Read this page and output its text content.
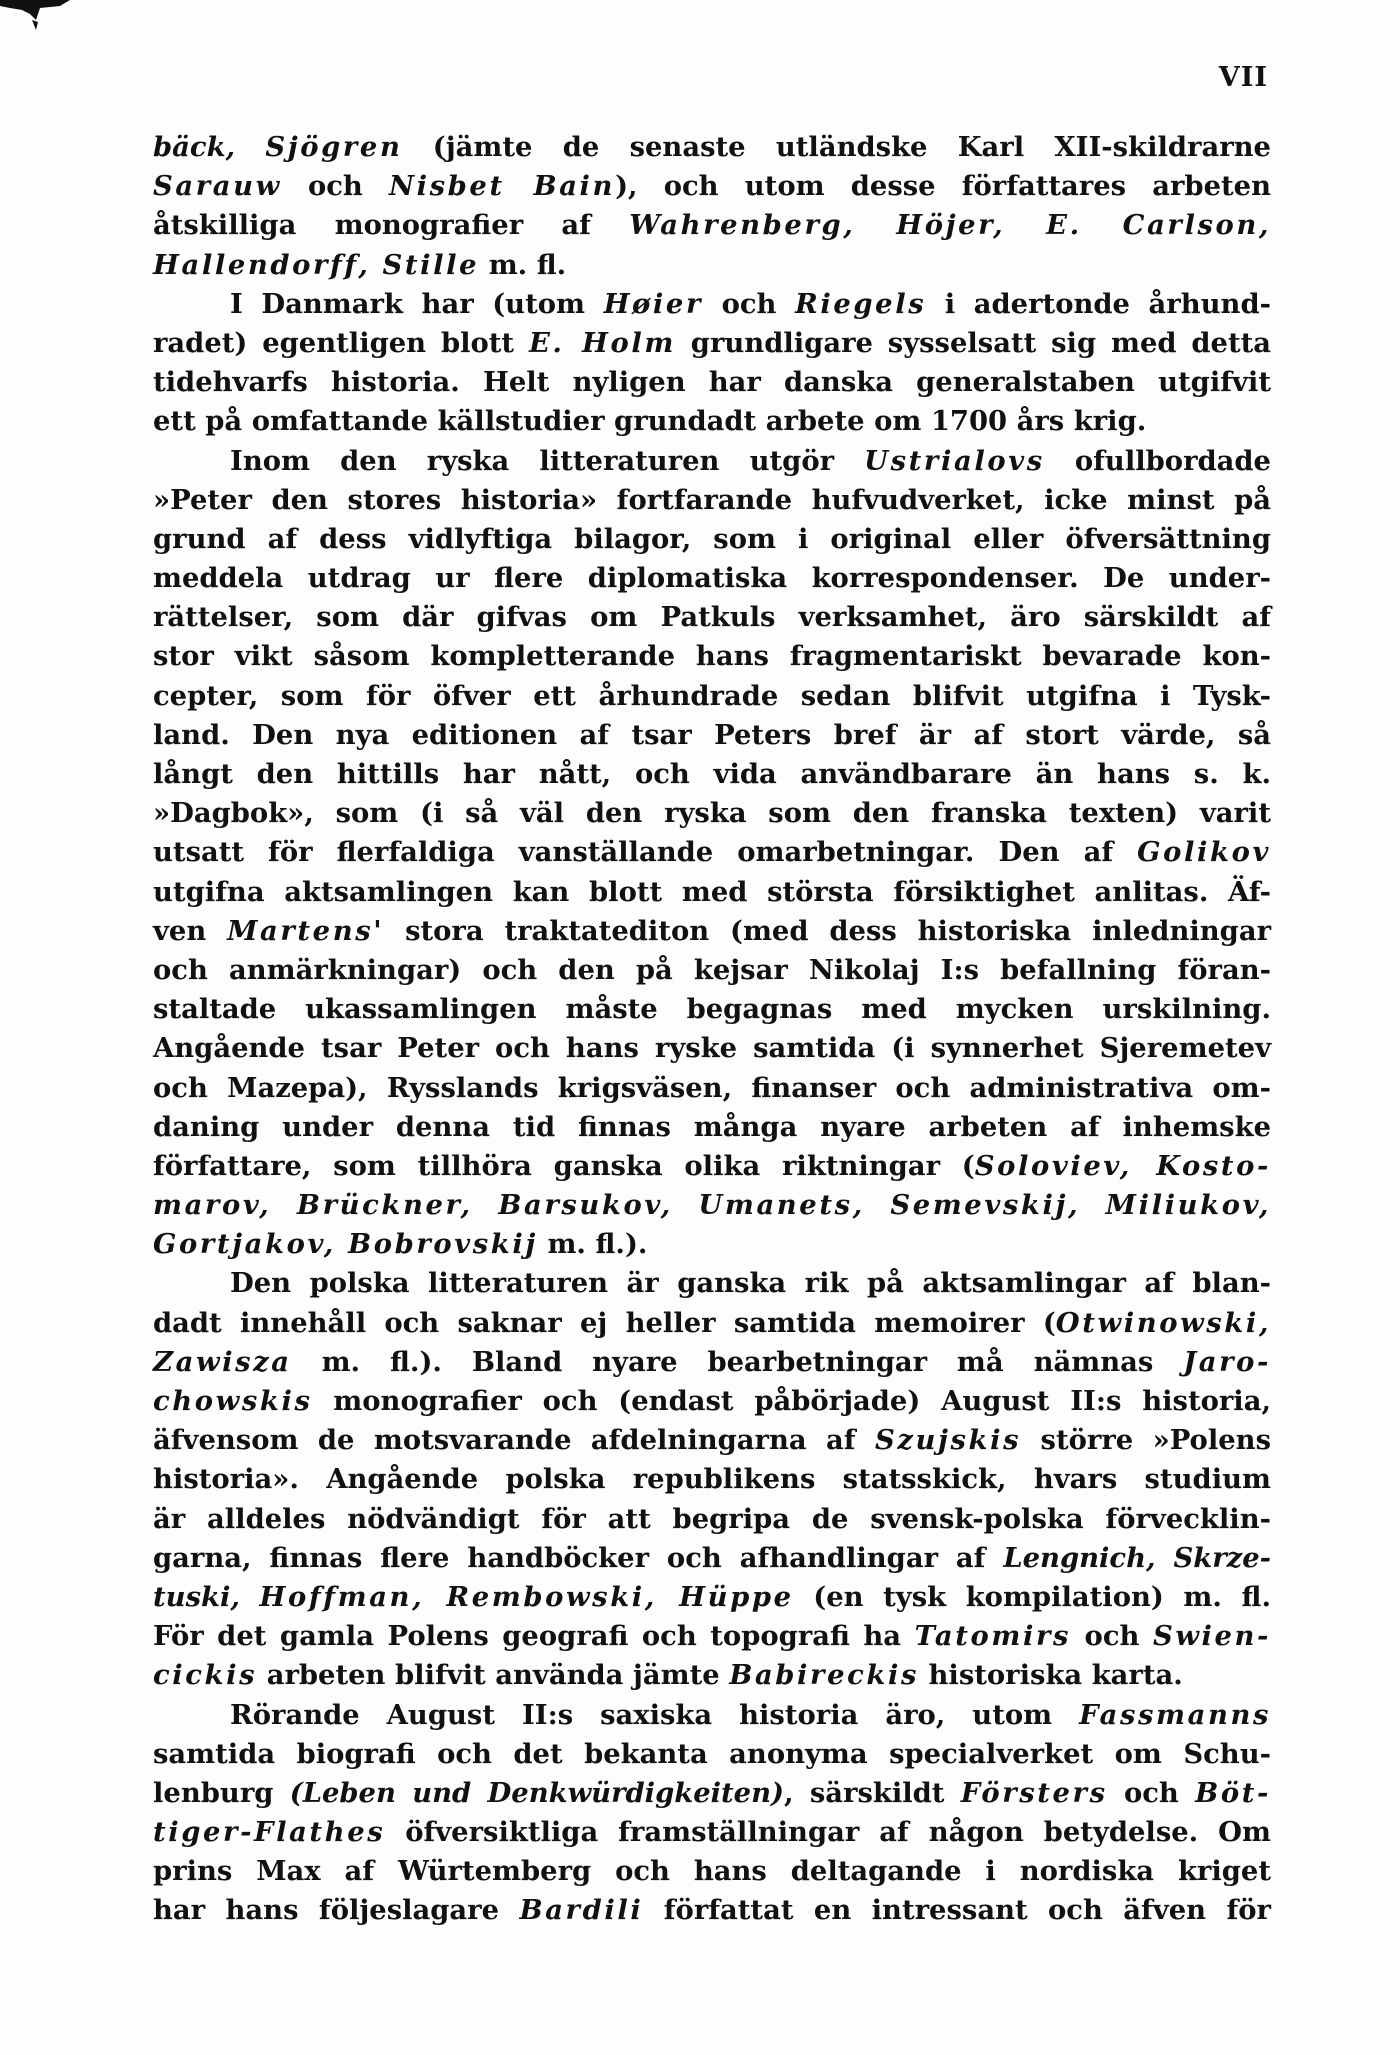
VII
bäck, Sjögren (jämte de senaste utländske Karl XII-skildrarne
Sarauw och Nisbet Bain), och utom desse författares arbeten
åtskilliga monografier af Wahrenberg, Höjer, E. Carlson,
Hallendorff, Stille m. fl.
I Danmark har (utom Høier och Riegels i adertonde århund-
radet) egentligen blott E. Holm grundligare sysselsatt sig med detta
tidehvarfs historia. Helt nyligen har danska generalstaben utgifvit
ett på omfattande källstudier grundadt arbete om 1700 års krig.
Inom den ryska litteraturen utgör Ustrialovs ofullbordade
»Peter den stores historia» fortfarande hufvudverket, icke minst på
grund af dess vidlyftiga bilagor, som i original eller öfversättning
meddela utdrag ur flere diplomatiska korrespondenser. De under-
rättelser, som där gifvas om Patkuls verksamhet, äro särskildt af
stor vikt såsom kompletterande hans fragmentariskt bevarade kon-
cepter, som för öfver ett århundrade sedan blifvit utgifna i Tysk-
land. Den nya editionen af tsar Peters bref är af stort värde, så
långt den hittills har nått, och vida användbarare än hans s. k.
»Dagbok», som (i så väl den ryska som den franska texten) varit
utsatt för flerfaldiga vanställande omarbetningar. Den af Golikov
utgifna aktsamlingen kan blott med största försiktighet anlitas. Äf-
ven Martens' stora traktatediton (med dess historiska inledningar
och anmärkningar) och den på kejsar Nikolaj I:s befallning föran-
staltade ukassamlingen måste begagnas med mycken urskilning.
Angående tsar Peter och hans ryske samtida (i synnerhet Sjeremetev
och Mazepa), Rysslands krigsväsen, finanser och administrativa om-
daning under denna tid finnas många nyare arbeten af inhemske
författare, som tillhöra ganska olika riktningar (Soloviev, Kosto-
marov, Brückner, Barsukov, Umanets, Semevskij, Miliukov,
Gortjakov, Bobrovskij m. fl.).
Den polska litteraturen är ganska rik på aktsamlingar af blan-
dadt innehåll och saknar ej heller samtida memoirer (Otwinowski,
Zawisza m. fl.). Bland nyare bearbetningar må nämnas Jaro-
chowskis monografier och (endast påbörjade) August II:s historia,
äfvensom de motsvarande afdelningarna af Szujskis större »Polens
historia». Angående polska republikens statsskick, hvars studium
är alldeles nödvändigt för att begripa de svensk-polska förvecklin-
garna, finnas flere handböcker och afhandlingar af Lengnich, Skrze-
tuski, Hoffman, Rembowski, Hüppe (en tysk kompilation) m. fl.
För det gamla Polens geografi och topografi ha Tatomirs och Swien-
cickis arbeten blifvit använda jämte Babireckis historiska karta.
Rörande August II:s saxiska historia äro, utom Fassmanns
samtida biografi och det bekanta anonyma specialverket om Schu-
lenburg (Leben und Denkwürdigkeiten), särskildt Försters och Böt-
tiger-Flathes öfversiktliga framställningar af någon betydelse. Om
prins Max af Würtemberg och hans deltagande i nordiska kriget
har hans följeslagare Bardili författat en intressant och äfven för
